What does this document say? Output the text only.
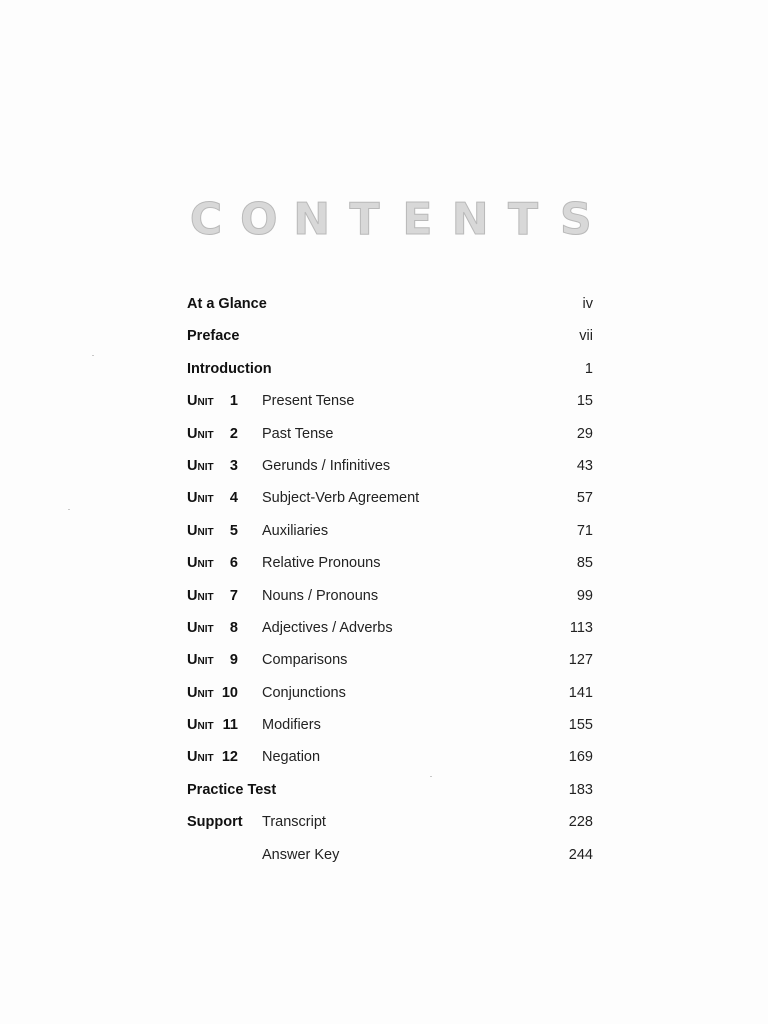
C O N T E N T S
At a Glance	iv
Preface	vii
Introduction	1
Unit	1 Present Tense	15
Unit	2 Past Tense	29
Unit	3 Gerunds / Infinitives	43
Unit	4 Subject-Verb Agreement	57
Unit	5 Auxiliaries	71
Unit	6 Relative Pronouns	85
Unit	7 Nouns / Pronouns	99
Unit	8 Adjectives / Adverbs	113
Unit	9 Comparisons	127
Unit 10 Conjunctions	141
Unit 11 Modifiers	155
Unit 12 Negation	169
Practice Test	183
Support Transcript	228
Answer Key	244
